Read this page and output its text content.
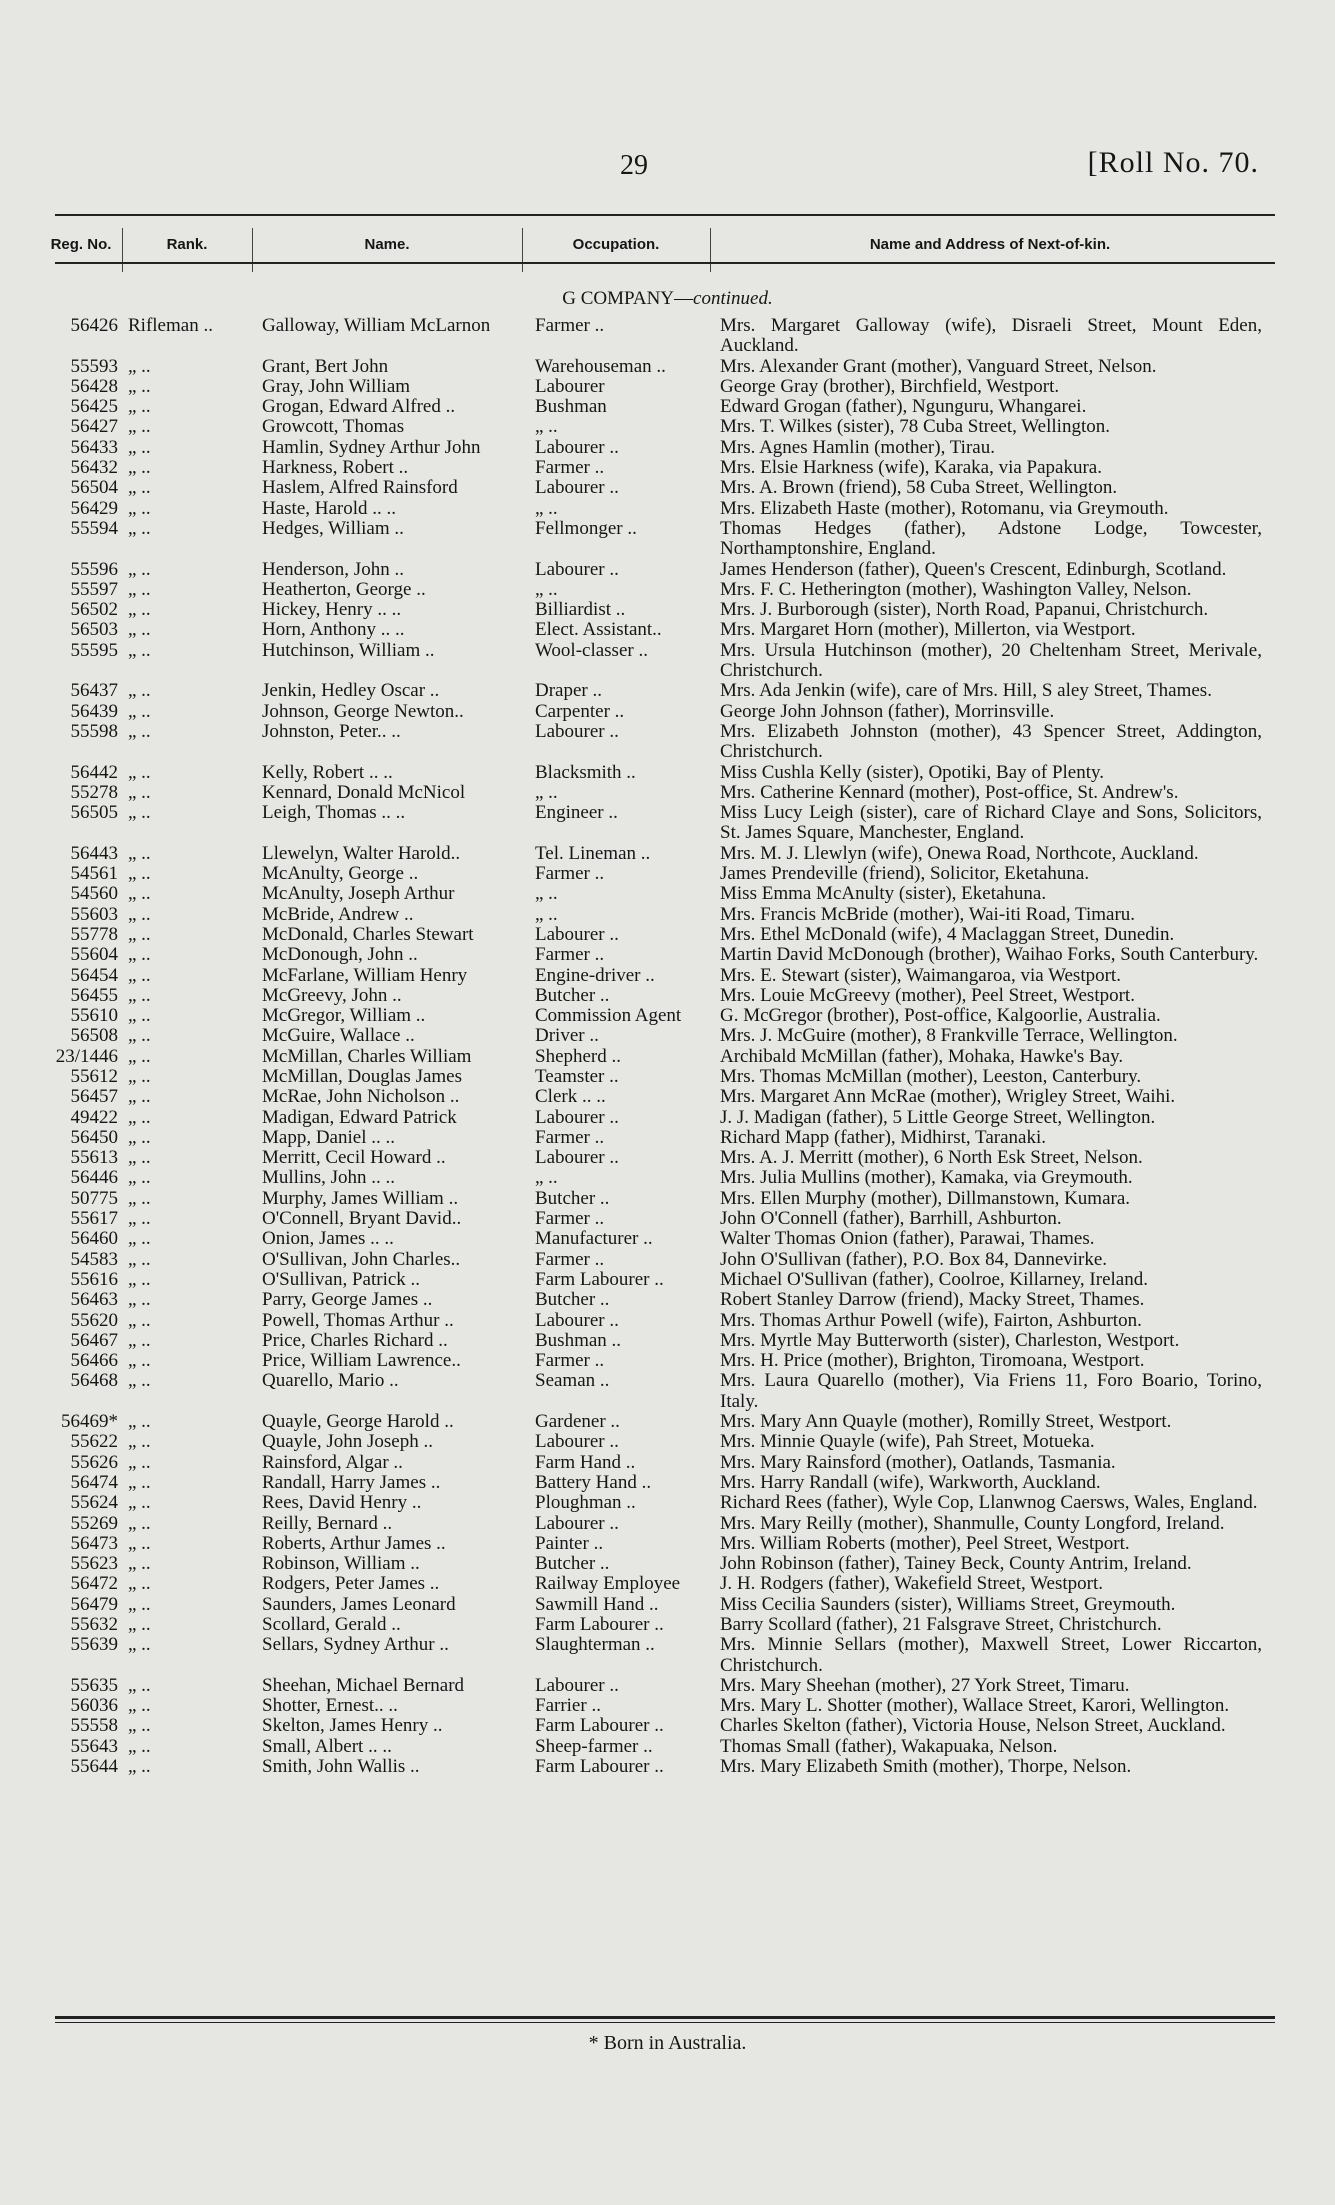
29	[Roll No. 70.
Reg. No.	Rank.	Name.	Occupation.	Name and Address of Next-of-kin.
G COMPANY—continued.
56426 Rifleman ..	Galloway, William McLarnon	Farmer ..	Mrs. Margaret Galloway (wife), Disraeli Street, Mount Eden, Auckland.
55593 „ ..	Grant, Bert John	Warehouseman ..	Mrs. Alexander Grant (mother), Vanguard Street, Nelson.
56428 „ ..	Gray, John William	Labourer	George Gray (brother), Birchfield, Westport.
56425 „ ..	Grogan, Edward Alfred ..	Bushman	Edward Grogan (father), Ngunguru, Whangarei.
56427 „ ..	Growcott, Thomas	„ ..	Mrs. T. Wilkes (sister), 78 Cuba Street, Wellington.
56433 „ ..	Hamlin, Sydney Arthur John	Labourer ..	Mrs. Agnes Hamlin (mother), Tirau.
56432 „ ..	Harkness, Robert ..	Farmer ..	Mrs. Elsie Harkness (wife), Karaka, via Papakura.
56504 „ ..	Haslem, Alfred Rainsford	Labourer ..	Mrs. A. Brown (friend), 58 Cuba Street, Wellington.
56429 „ ..	Haste, Harold .. ..	„ ..	Mrs. Elizabeth Haste (mother), Rotomanu, via Greymouth.
55594 „ ..	Hedges, William ..	Fellmonger ..	Thomas Hedges (father), Adstone Lodge, Towcester, Northamptonshire, England.
55596 „ ..	Henderson, John ..	Labourer ..	James Henderson (father), Queen's Crescent, Edinburgh, Scotland.
55597 „ ..	Heatherton, George ..	„ ..	Mrs. F. C. Hetherington (mother), Washington Valley, Nelson.
56502 „ ..	Hickey, Henry .. ..	Billiardist ..	Mrs. J. Burborough (sister), North Road, Papanui, Christchurch.
56503 „ ..	Horn, Anthony .. ..	Elect. Assistant..	Mrs. Margaret Horn (mother), Millerton, via Westport.
55595 „ ..	Hutchinson, William ..	Wool-classer ..	Mrs. Ursula Hutchinson (mother), 20 Cheltenham Street, Merivale, Christchurch.
56437 „ ..	Jenkin, Hedley Oscar ..	Draper ..	Mrs. Ada Jenkin (wife), care of Mrs. Hill, S aley Street, Thames.
56439 „ ..	Johnson, George Newton..	Carpenter ..	George John Johnson (father), Morrinsville.
55598 „ ..	Johnston, Peter.. ..	Labourer ..	Mrs. Elizabeth Johnston (mother), 43 Spencer Street, Addington, Christchurch.
56442 „ ..	Kelly, Robert .. ..	Blacksmith ..	Miss Cushla Kelly (sister), Opotiki, Bay of Plenty.
55278 „ ..	Kennard, Donald McNicol	„ ..	Mrs. Catherine Kennard (mother), Post-office, St. Andrew's.
56505 „ ..	Leigh, Thomas .. ..	Engineer ..	Miss Lucy Leigh (sister), care of Richard Claye and Sons, Solicitors, St. James Square, Manchester, England.
56443 „ ..	Llewelyn, Walter Harold..	Tel. Lineman ..	Mrs. M. J. Llewlyn (wife), Onewa Road, Northcote, Auckland.
54561 „ ..	McAnulty, George ..	Farmer ..	James Prendeville (friend), Solicitor, Eketahuna.
54560 „ ..	McAnulty, Joseph Arthur	„ ..	Miss Emma McAnulty (sister), Eketahuna.
55603 „ ..	McBride, Andrew ..	„ ..	Mrs. Francis McBride (mother), Wai-iti Road, Timaru.
55778 „ ..	McDonald, Charles Stewart	Labourer ..	Mrs. Ethel McDonald (wife), 4 Maclaggan Street, Dunedin.
55604 „ ..	McDonough, John ..	Farmer ..	Martin David McDonough (brother), Waihao Forks, South Canterbury.
56454 „ ..	McFarlane, William Henry	Engine-driver ..	Mrs. E. Stewart (sister), Waimangaroa, via Westport.
56455 „ ..	McGreevy, John ..	Butcher ..	Mrs. Louie McGreevy (mother), Peel Street, Westport.
55610 „ ..	McGregor, William ..	Commission Agent	G. McGregor (brother), Post-office, Kalgoorlie, Australia.
56508 „ ..	McGuire, Wallace ..	Driver ..	Mrs. J. McGuire (mother), 8 Frankville Terrace, Wellington.
23/1446 „ ..	McMillan, Charles William	Shepherd ..	Archibald McMillan (father), Mohaka, Hawke's Bay.
55612 „ ..	McMillan, Douglas James	Teamster ..	Mrs. Thomas McMillan (mother), Leeston, Canterbury.
56457 „ ..	McRae, John Nicholson ..	Clerk .. ..	Mrs. Margaret Ann McRae (mother), Wrigley Street, Waihi.
49422 „ ..	Madigan, Edward Patrick	Labourer ..	J. J. Madigan (father), 5 Little George Street, Wellington.
56450 „ ..	Mapp, Daniel .. ..	Farmer ..	Richard Mapp (father), Midhirst, Taranaki.
55613 „ ..	Merritt, Cecil Howard ..	Labourer ..	Mrs. A. J. Merritt (mother), 6 North Esk Street, Nelson.
56446 „ ..	Mullins, John .. ..	„ ..	Mrs. Julia Mullins (mother), Kamaka, via Greymouth.
50775 „ ..	Murphy, James William ..	Butcher ..	Mrs. Ellen Murphy (mother), Dillmanstown, Kumara.
55617 „ ..	O'Connell, Bryant David..	Farmer ..	John O'Connell (father), Barrhill, Ashburton.
56460 „ ..	Onion, James .. ..	Manufacturer ..	Walter Thomas Onion (father), Parawai, Thames.
54583 „ ..	O'Sullivan, John Charles..	Farmer ..	John O'Sullivan (father), P.O. Box 84, Dannevirke.
55616 „ ..	O'Sullivan, Patrick ..	Farm Labourer ..	Michael O'Sullivan (father), Coolroe, Killarney, Ireland.
56463 „ ..	Parry, George James ..	Butcher ..	Robert Stanley Darrow (friend), Macky Street, Thames.
55620 „ ..	Powell, Thomas Arthur ..	Labourer ..	Mrs. Thomas Arthur Powell (wife), Fairton, Ashburton.
56467 „ ..	Price, Charles Richard ..	Bushman ..	Mrs. Myrtle May Butterworth (sister), Charleston, Westport.
56466 „ ..	Price, William Lawrence..	Farmer ..	Mrs. H. Price (mother), Brighton, Tiromoana, Westport.
56468 „ ..	Quarello, Mario ..	Seaman ..	Mrs. Laura Quarello (mother), Via Friens 11, Foro Boario, Torino, Italy.
56469* „ ..	Quayle, George Harold ..	Gardener ..	Mrs. Mary Ann Quayle (mother), Romilly Street, Westport.
55622 „ ..	Quayle, John Joseph ..	Labourer ..	Mrs. Minnie Quayle (wife), Pah Street, Motueka.
55626 „ ..	Rainsford, Algar ..	Farm Hand ..	Mrs. Mary Rainsford (mother), Oatlands, Tasmania.
56474 „ ..	Randall, Harry James ..	Battery Hand ..	Mrs. Harry Randall (wife), Warkworth, Auckland.
55624 „ ..	Rees, David Henry ..	Ploughman ..	Richard Rees (father), Wyle Cop, Llanwnog Caersws, Wales, England.
55269 „ ..	Reilly, Bernard ..	Labourer ..	Mrs. Mary Reilly (mother), Shanmulle, County Longford, Ireland.
56473 „ ..	Roberts, Arthur James ..	Painter ..	Mrs. William Roberts (mother), Peel Street, Westport.
55623 „ ..	Robinson, William ..	Butcher ..	John Robinson (father), Tainey Beck, County Antrim, Ireland.
56472 „ ..	Rodgers, Peter James ..	Railway Employee	J. H. Rodgers (father), Wakefield Street, Westport.
56479 „ ..	Saunders, James Leonard	Sawmill Hand ..	Miss Cecilia Saunders (sister), Williams Street, Greymouth.
55632 „ ..	Scollard, Gerald ..	Farm Labourer ..	Barry Scollard (father), 21 Falsgrave Street, Christchurch.
55639 „ ..	Sellars, Sydney Arthur ..	Slaughterman ..	Mrs. Minnie Sellars (mother), Maxwell Street, Lower Riccarton, Christchurch.
55635 „ ..	Sheehan, Michael Bernard	Labourer ..	Mrs. Mary Sheehan (mother), 27 York Street, Timaru.
56036 „ ..	Shotter, Ernest.. ..	Farrier ..	Mrs. Mary L. Shotter (mother), Wallace Street, Karori, Wellington.
55558 „ ..	Skelton, James Henry ..	Farm Labourer ..	Charles Skelton (father), Victoria House, Nelson Street, Auckland.
55643 „ ..	Small, Albert .. ..	Sheep-farmer ..	Thomas Small (father), Wakapuaka, Nelson.
55644 „ ..	Smith, John Wallis ..	Farm Labourer ..	Mrs. Mary Elizabeth Smith (mother), Thorpe, Nelson.
* Born in Australia.
